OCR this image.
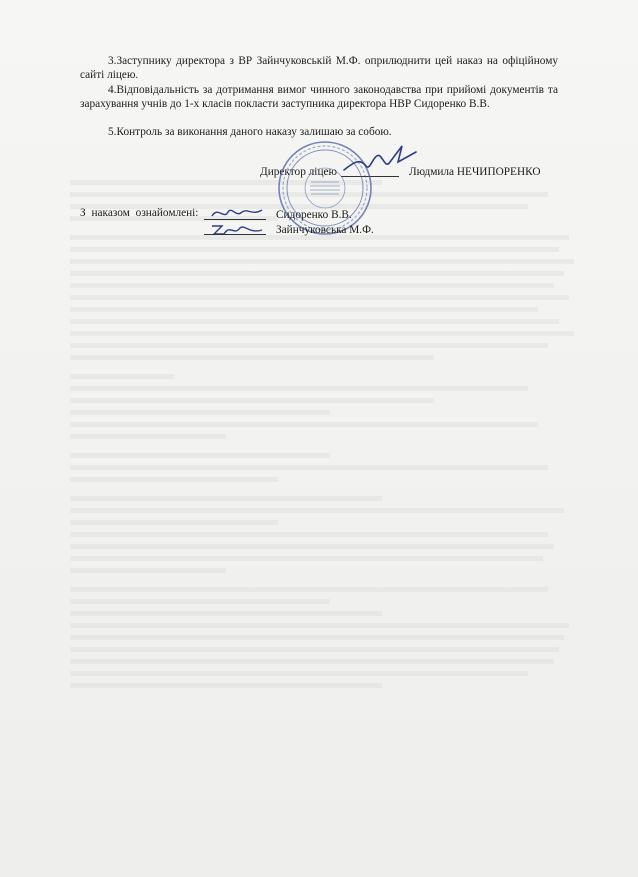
3.Заступнику директора з ВР Зайнчуковській М.Ф. оприлюднити цей наказ на офіційному сайті ліцею.
4.Відповідальність за дотримання вимог чинного законодавства при прийомі документів та зарахування учнів до 1-х класів покласти заступника директора НВР Сидоренко В.В.
5.Контроль за виконання даного наказу залишаю за собою.
Директор ліцею	Людмила НЕЧИПОРЕНКО
З наказом ознайомлені:	Сидоренко В.В.
Зайнчуковська М.Ф.
